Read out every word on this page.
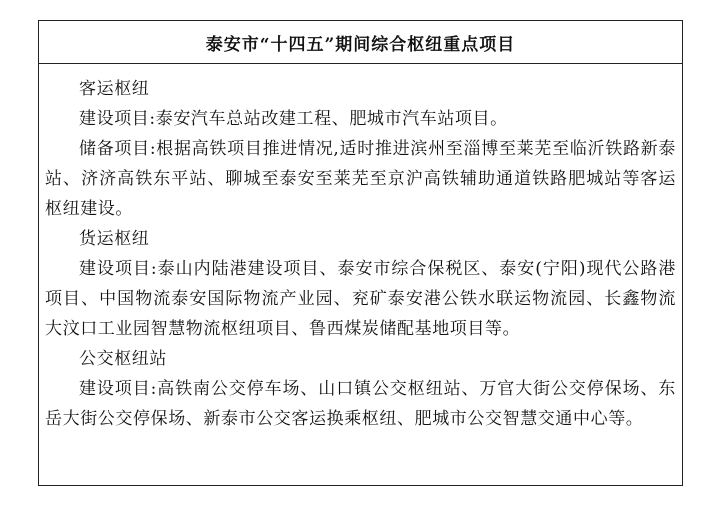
泰安市“十四五”期间综合枢纽重点项目

客运枢纽

建设项目:泰安汽车总站改建工程、肥城市汽车站项目。

储备项目:根据高铁项目推进情况,适时推进滨州至淄博至莱芜至临沂铁路新泰站、济济高铁东平站、聊城至泰安至莱芜至京沪高铁辅助通道铁路肥城站等客运枢纽建设。

货运枢纽

建设项目:泰山内陆港建设项目、泰安市综合保税区、泰安(宁阳)现代公路港项目、中国物流泰安国际物流产业园、兖矿泰安港公铁水联运物流园、长鑫物流大汶口工业园智慧物流枢纽项目、鲁西煤炭储配基地项目等。

公交枢纽站

建设项目:高铁南公交停车场、山口镇公交枢纽站、万官大街公交停保场、东岳大街公交停保场、新泰市公交客运换乘枢纽、肥城市公交智慧交通中心等。
